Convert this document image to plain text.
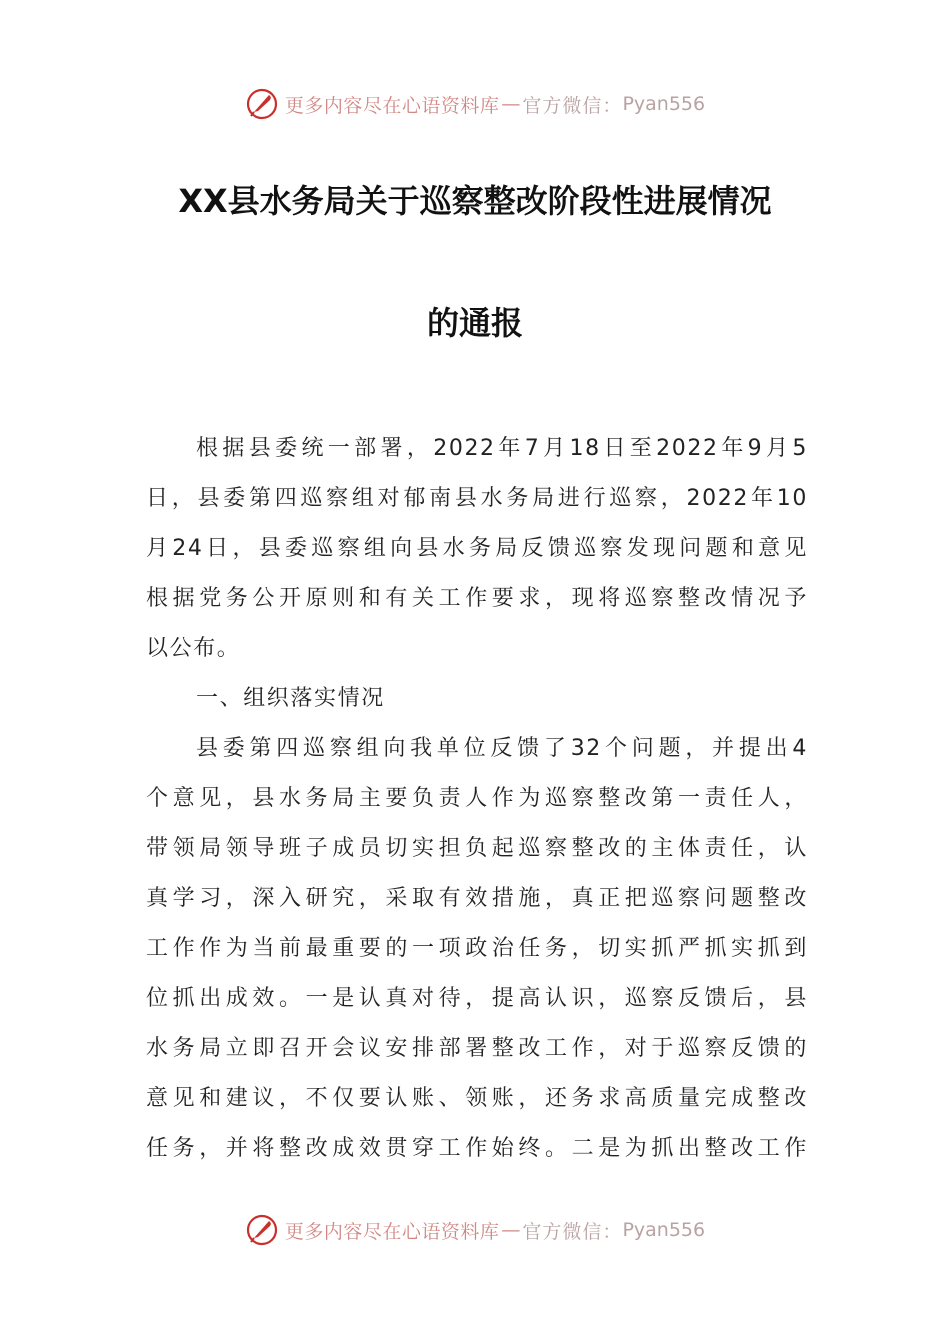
更多内容尽在心语资料库 — 官方微信： Pyan556
XX县水务局关于巡察整改阶段性进展情况
的通报
根据县委统一部署，2022年7月18日至2022年9月5
日，县委第四巡察组对郁南县水务局进行巡察，2022年10
月24日，县委巡察组向县水务局反馈巡察发现问题和意见
根据党务公开原则和有关工作要求，现将巡察整改情况予
以公布。
一、组织落实情况
县委第四巡察组向我单位反馈了32个问题，并提出4
个意见，县水务局主要负责人作为巡察整改第一责任人，
带领局领导班子成员切实担负起巡察整改的主体责任，认
真学习，深入研究，采取有效措施，真正把巡察问题整改
工作作为当前最重要的一项政治任务，切实抓严抓实抓到
位抓出成效。一是认真对待，提高认识，巡察反馈后，县
水务局立即召开会议安排部署整改工作，对于巡察反馈的
意见和建议，不仅要认账、领账，还务求高质量完成整改
任务，并将整改成效贯穿工作始终。二是为抓出整改工作
更多内容尽在心语资料库 — 官方微信： Pyan556
